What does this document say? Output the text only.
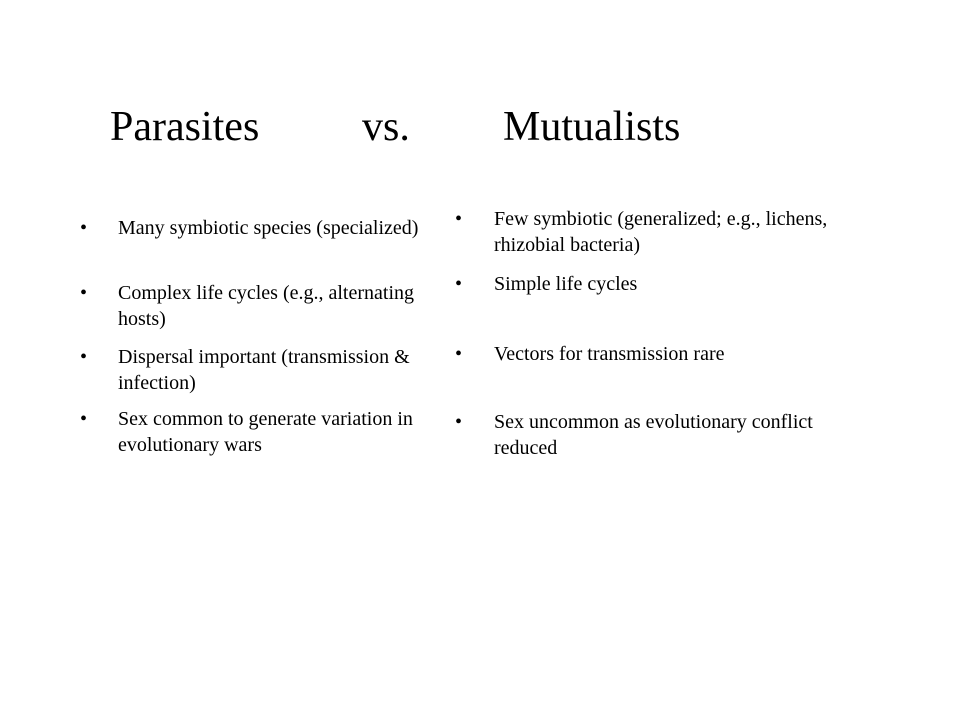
Parasites vs. Mutualists
•	Many symbiotic species (specialized)
•	Complex life cycles (e.g., alternating hosts)
•	Dispersal important (transmission & infection)
•	Sex common to generate variation in evolutionary wars
•	Few symbiotic (generalized; e.g., lichens, rhizobial bacteria)
•	Simple life cycles
•	Vectors for transmission rare
•	Sex uncommon as evolutionary conflict reduced
